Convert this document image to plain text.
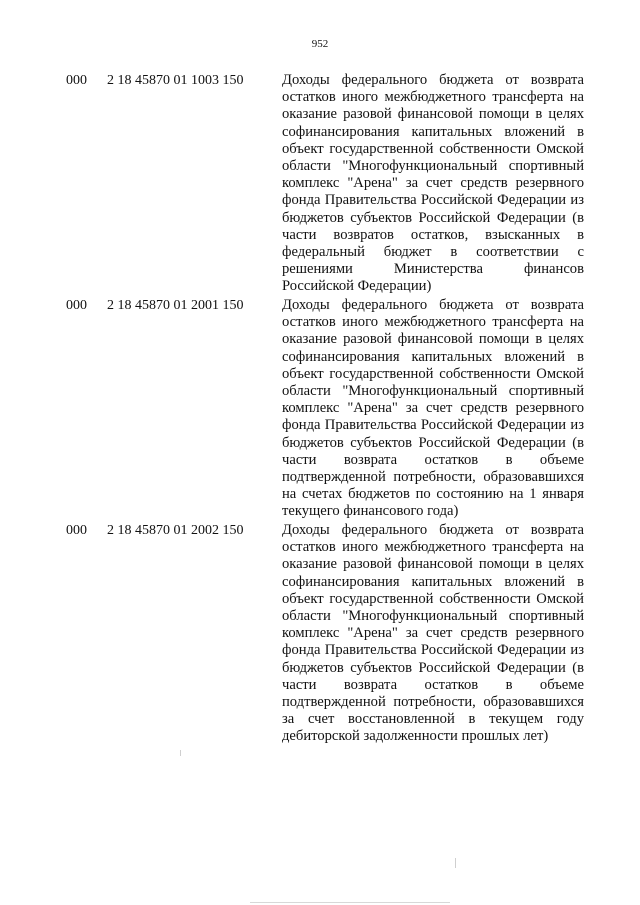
952
000 2 18 45870 01 1003 150	Доходы федерального бюджета от возврата остатков иного межбюджетного трансферта на оказание разовой финансовой помощи в целях софинансирования капитальных вложений в объект государственной собственности Омской области "Многофункциональный спортивный комплекс "Арена" за счет средств резервного фонда Правительства Российской Федерации из бюджетов субъектов Российской Федерации (в части возвратов остатков, взысканных в федеральный бюджет в соответствии с решениями Министерства финансов Российской Федерации)
000 2 18 45870 01 2001 150	Доходы федерального бюджета от возврата остатков иного межбюджетного трансферта на оказание разовой финансовой помощи в целях софинансирования капитальных вложений в объект государственной собственности Омской области "Многофункциональный спортивный комплекс "Арена" за счет средств резервного фонда Правительства Российской Федерации из бюджетов субъектов Российской Федерации (в части возврата остатков в объеме подтвержденной потребности, образовавшихся на счетах бюджетов по состоянию на 1 января текущего финансового года)
000 2 18 45870 01 2002 150	Доходы федерального бюджета от возврата остатков иного межбюджетного трансферта на оказание разовой финансовой помощи в целях софинансирования капитальных вложений в объект государственной собственности Омской области "Многофункциональный спортивный комплекс "Арена" за счет средств резервного фонда Правительства Российской Федерации из бюджетов субъектов Российской Федерации (в части возврата остатков в объеме подтвержденной потребности, образовавшихся за счет восстановленной в текущем году дебиторской задолженности прошлых лет)
